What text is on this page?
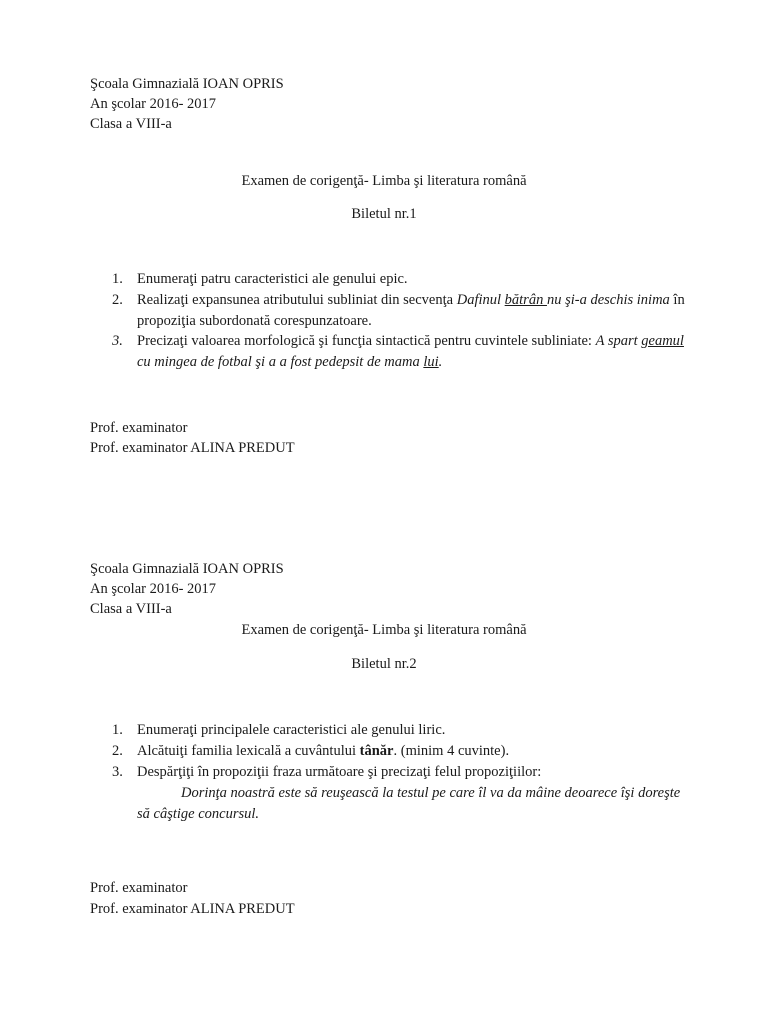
Şcoala Gimnazială IOAN OPRIS
An şcolar 2016- 2017
Clasa a VIII-a
Examen de corigenţă- Limba şi literatura română
Biletul nr.1
1. Enumeraţi patru caracteristici ale genului epic.
2. Realizaţi expansunea atributului subliniat din secvenţa Dafinul bătrân nu şi-a deschis inima în
propoziţia subordonată corespunzatoare.
3. Precizaţi valoarea morfologică şi funcţia sintactică pentru cuvintele subliniate: A spart geamul
cu mingea de fotbal şi a a fost pedepsit de mama lui.
Prof. examinator
Prof. examinator ALINA PREDUT
Şcoala Gimnazială IOAN OPRIS
An şcolar 2016- 2017
Clasa a VIII-a
Examen de corigenţă- Limba şi literatura română
Biletul nr.2
1. Enumeraţi principalele caracteristici ale genului liric.
2. Alcătuiţi familia lexicală a cuvântului tânăr. (minim 4 cuvinte).
3. Despărţiţi în propoziţii fraza următoare şi precizaţi felul propoziţiilor:
Dorinţa noastră este să reuşească la testul pe care îl va da mâine deoarece îşi doreşte
să câştige concursul.
Prof. examinator
Prof. examinator ALINA PREDUT
